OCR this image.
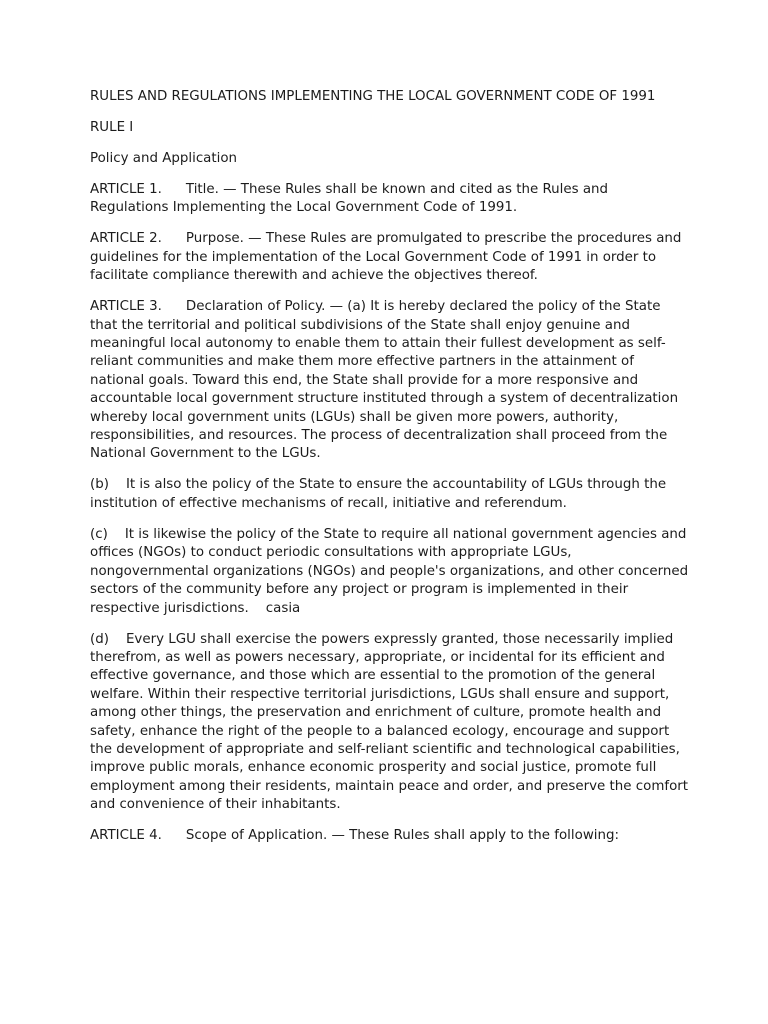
RULES AND REGULATIONS IMPLEMENTING THE LOCAL GOVERNMENT CODE OF 1991

RULE I

Policy and Application

ARTICLE 1. Title. — These Rules shall be known and cited as the Rules and Regulations Implementing the Local Government Code of 1991.

ARTICLE 2. Purpose. — These Rules are promulgated to prescribe the procedures and guidelines for the implementation of the Local Government Code of 1991 in order to facilitate compliance therewith and achieve the objectives thereof.

ARTICLE 3. Declaration of Policy. — (a) It is hereby declared the policy of the State that the territorial and political subdivisions of the State shall enjoy genuine and meaningful local autonomy to enable them to attain their fullest development as self-reliant communities and make them more effective partners in the attainment of national goals. Toward this end, the State shall provide for a more responsive and accountable local government structure instituted through a system of decentralization whereby local government units (LGUs) shall be given more powers, authority, responsibilities, and resources. The process of decentralization shall proceed from the National Government to the LGUs.

(b) It is also the policy of the State to ensure the accountability of LGUs through the institution of effective mechanisms of recall, initiative and referendum.

(c) It is likewise the policy of the State to require all national government agencies and offices (NGOs) to conduct periodic consultations with appropriate LGUs, nongovernmental organizations (NGOs) and people's organizations, and other concerned sectors of the community before any project or program is implemented in their respective jurisdictions. casia

(d) Every LGU shall exercise the powers expressly granted, those necessarily implied therefrom, as well as powers necessary, appropriate, or incidental for its efficient and effective governance, and those which are essential to the promotion of the general welfare. Within their respective territorial jurisdictions, LGUs shall ensure and support, among other things, the preservation and enrichment of culture, promote health and safety, enhance the right of the people to a balanced ecology, encourage and support the development of appropriate and self-reliant scientific and technological capabilities, improve public morals, enhance economic prosperity and social justice, promote full employment among their residents, maintain peace and order, and preserve the comfort and convenience of their inhabitants.

ARTICLE 4. Scope of Application. — These Rules shall apply to the following:
